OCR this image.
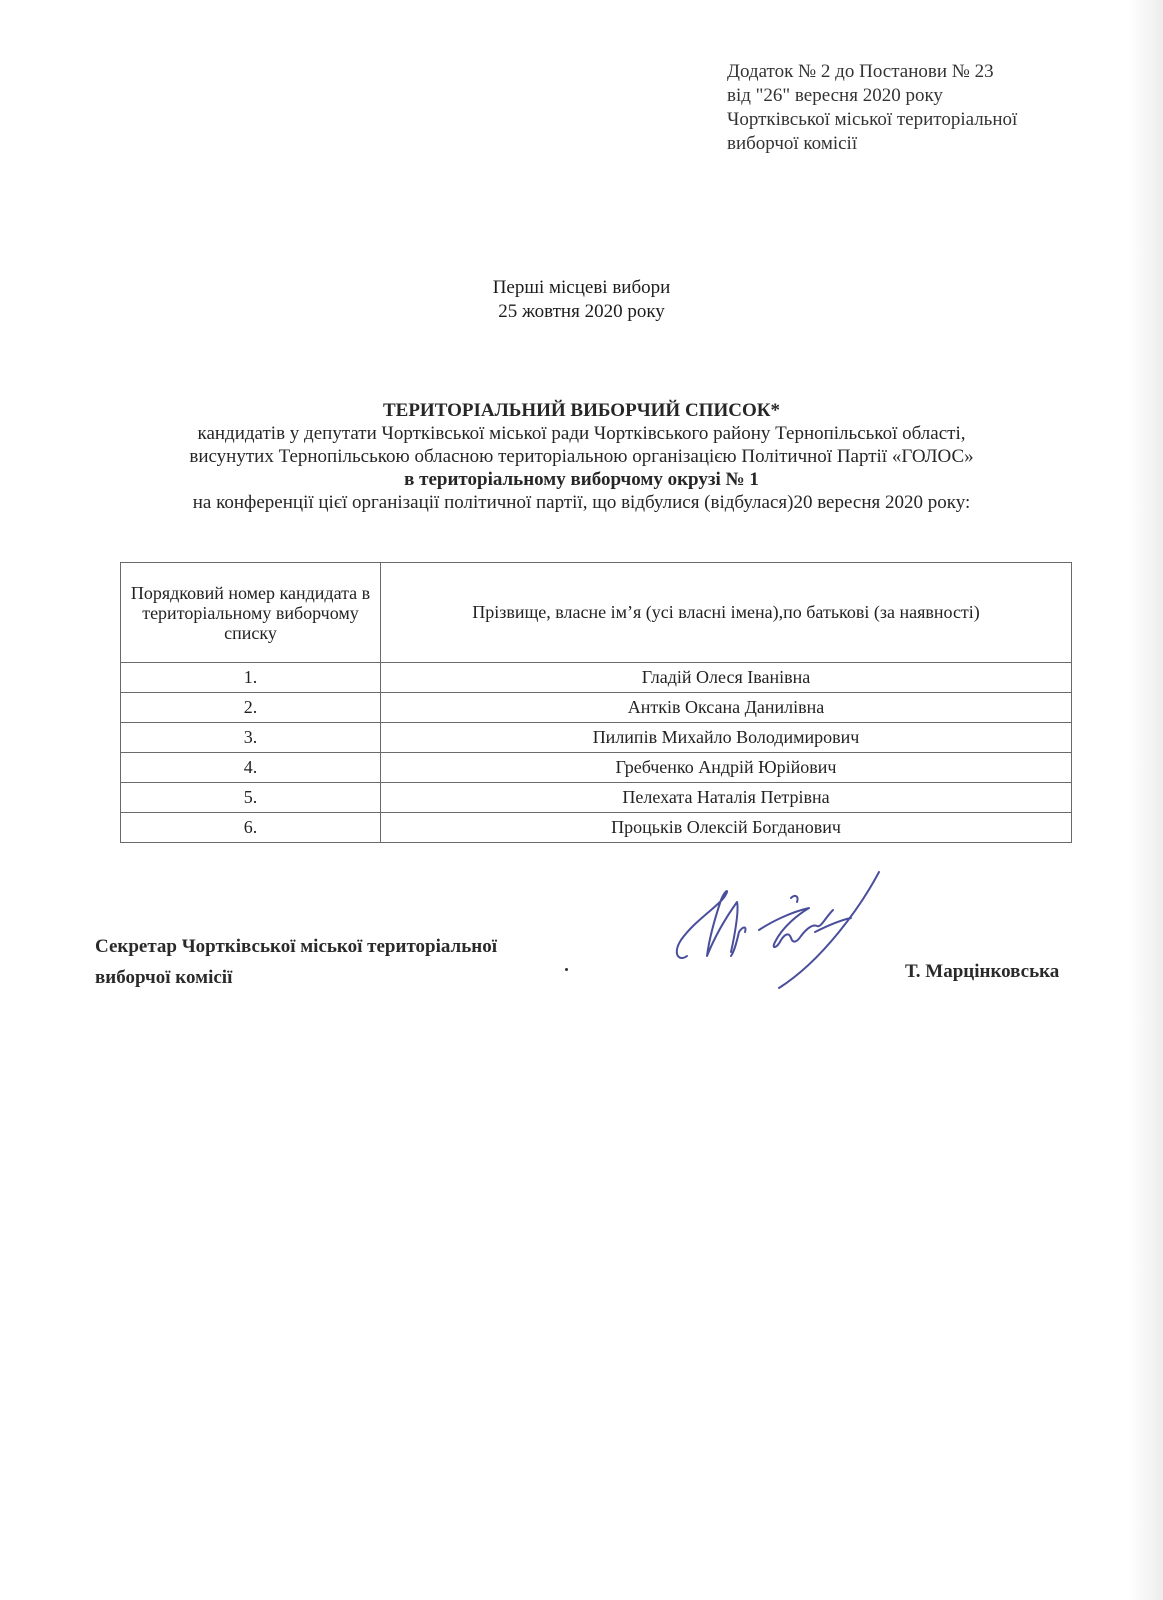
Додаток № 2 до Постанови № 23
від "26" вересня 2020 року
Чортківської міської територіальної
виборчої комісії
Перші місцеві вибори
25 жовтня 2020 року
ТЕРИТОРІАЛЬНИЙ ВИБОРЧИЙ СПИСОК*
кандидатів у депутати Чортківської міської ради Чортківського району Тернопільської області,
висунутих Тернопільською обласною територіальною організацією Політичної Партії «ГОЛОС»
в територіальному виборчому окрузі № 1
на конференції цієї організації політичної партії, що відбулися (відбулася)20 вересня 2020 року:
Порядковий номер кандидата в територіальному виборчому списку	Прізвище, власне ім’я (усі власні імена),по батькові (за наявності)
1.	Гладій Олеся Іванівна
2.	Антків Оксана Данилівна
3.	Пилипів Михайло Володимирович
4.	Гребченко Андрій Юрійович
5.	Пелехата Наталія Петрівна
6.	Процьків Олексій Богданович
Секретар Чортківської міської територіальної
виборчої комісії	Т. Марцінковська
